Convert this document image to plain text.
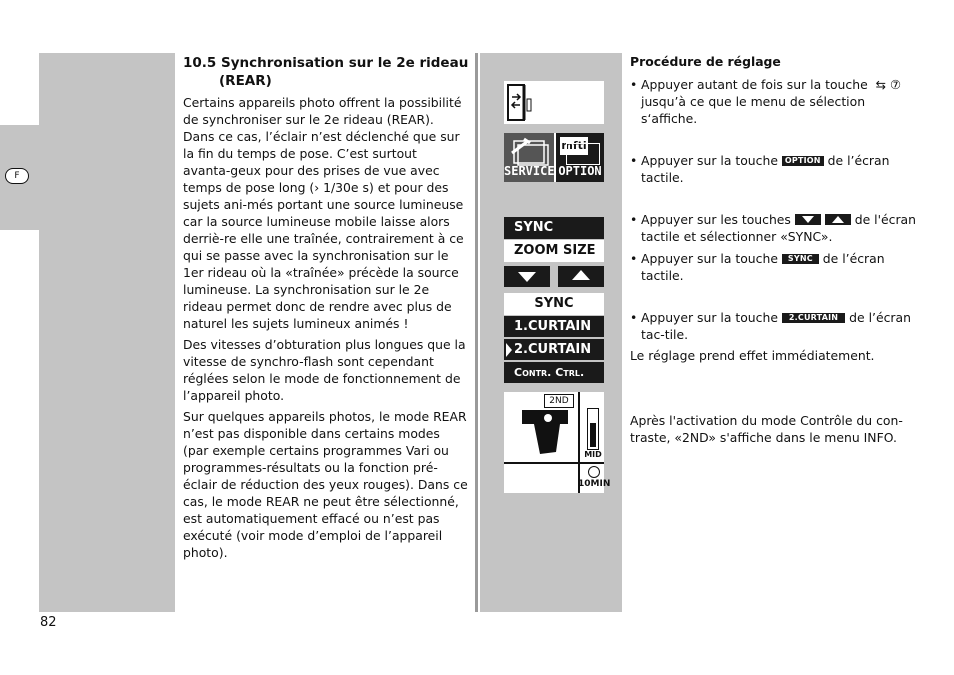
F
10.5 Synchronisation sur le 2e rideau
(REAR)

Certains appareils photo offrent la possibilité de synchroniser sur le 2e rideau (REAR). Dans ce cas, l’éclair n’est déclenché que sur la fin du temps de pose. C’est surtout avanta-geux pour des prises de vue avec temps de pose long (› 1/30e s) et pour des sujets ani-més portant une source lumineuse car la source lumineuse mobile laisse alors derriè-re elle une traînée, contrairement à ce qui se passe avec la synchronisation sur le 1er rideau où la «traînée» précède la source lumineuse. La synchronisation sur le 2e rideau permet donc de rendre avec plus de naturel les sujets lumineux animés !

Des vitesses d’obturation plus longues que la vitesse de synchro-flash sont cependant réglées selon le mode de fonctionnement de l’appareil photo.

Sur quelques appareils photos, le mode REAR n’est pas disponible dans certains modes (par exemple certains programmes Vari ou programmes-résultats ou la fonction pré-éclair de réduction des yeux rouges). Dans ce cas, le mode REAR ne peut être sélectionné, est automatiquement effacé ou n’est pas exécuté (voir mode d’emploi de l’appareil photo).

82
SERVICE
mfti
OPTION
SYNC
ZOOM SIZE
SYNC
1.CURTAIN
2.CURTAIN
Contr. Ctrl.
2ND
MID
10MIN
Procédure de réglage
• Appuyer autant de fois sur la touche ⇆ ⑦ jusqu’à ce que le menu de sélection s‘affiche.
• Appuyer sur la touche OPTION de l’écran tactile.
• Appuyer sur les touches	de l'écran tactile et sélectionner «SYNC».
• Appuyer sur la touche SYNC de l’écran tactile.
• Appuyer sur la touche 2.CURTAIN de l’écran tac-tile.
Le réglage prend effet immédiatement.
Après l'activation du mode Contrôle du con-traste, «2ND» s'affiche dans le menu INFO.
